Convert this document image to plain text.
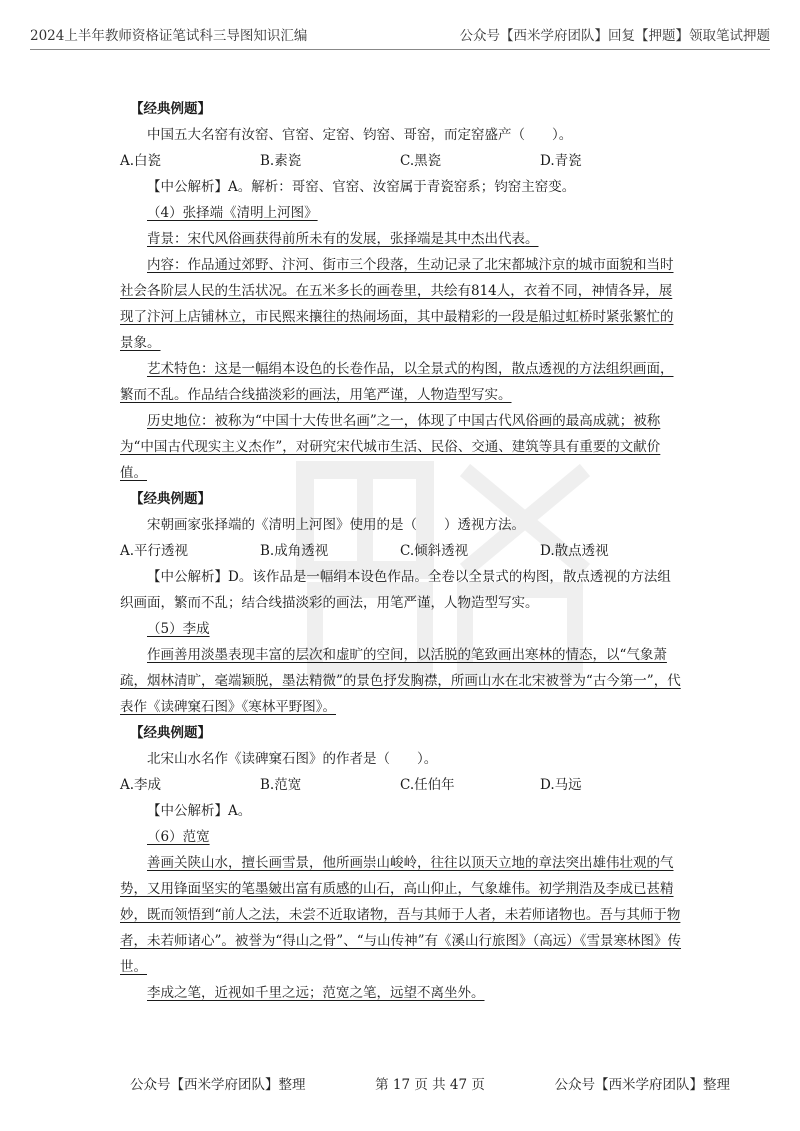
2024上半年教师资格证笔试科三导图知识汇编	公众号【西米学府团队】回复【押题】领取笔试押题

【经典例题】

中国五大名窑有汝窑、官窑、定窑、钧窑、哥窑，而定窑盛产（　　）。

A.白瓷	B.素瓷	C.黑瓷	D.青瓷

【中公解析】A。解析：哥窑、官窑、汝窑属于青瓷窑系；钧窑主窑变。

（4）张择端《清明上河图》

背景：宋代风俗画获得前所未有的发展，张择端是其中杰出代表。

内容：作品通过郊野、汴河、街市三个段落，生动记录了北宋都城汴京的城市面貌和当时社会各阶层人民的生活状况。在五米多长的画卷里，共绘有814人，衣着不同，神情各异，展现了汴河上店铺林立，市民熙来攘往的热闹场面，其中最精彩的一段是船过虹桥时紧张繁忙的景象。

艺术特色：这是一幅绢本设色的长卷作品，以全景式的构图，散点透视的方法组织画面，繁而不乱。作品结合线描淡彩的画法，用笔严谨，人物造型写实。

历史地位：被称为“中国十大传世名画”之一，体现了中国古代风俗画的最高成就；被称为“中国古代现实主义杰作”，对研究宋代城市生活、民俗、交通、建筑等具有重要的文献价值。

【经典例题】

宋朝画家张择端的《清明上河图》使用的是（　　）透视方法。

A.平行透视	B.成角透视	C.倾斜透视	D.散点透视

【中公解析】D。该作品是一幅绢本设色作品。全卷以全景式的构图，散点透视的方法组织画面，繁而不乱；结合线描淡彩的画法，用笔严谨，人物造型写实。

（5）李成

作画善用淡墨表现丰富的层次和虚旷的空间，以活脱的笔致画出寒林的情态，以“气象萧疏，烟林清旷，毫端颖脱，墨法精微”的景色抒发胸襟，所画山水在北宋被誉为“古今第一”，代表作《读碑窠石图》《寒林平野图》。

【经典例题】

北宋山水名作《读碑窠石图》的作者是（　　）。

A.李成	B.范宽	C.任伯年	D.马远

【中公解析】A。

（6）范宽

善画关陕山水，擅长画雪景，他所画崇山峻岭，往往以顶天立地的章法突出雄伟壮观的气势，又用锋面坚实的笔墨皴出富有质感的山石，高山仰止，气象雄伟。初学荆浩及李成已甚精妙，既而领悟到“前人之法，未尝不近取诸物，吾与其师于人者，未若师诸物也。吾与其师于物者，未若师诸心”。被誉为“得山之骨”、“与山传神”有《溪山行旅图》（高远）《雪景寒林图》传世。

李成之笔，近视如千里之远；范宽之笔，远望不离坐外。

公众号【西米学府团队】整理	第 17 页 共 47 页	公众号【西米学府团队】整理
